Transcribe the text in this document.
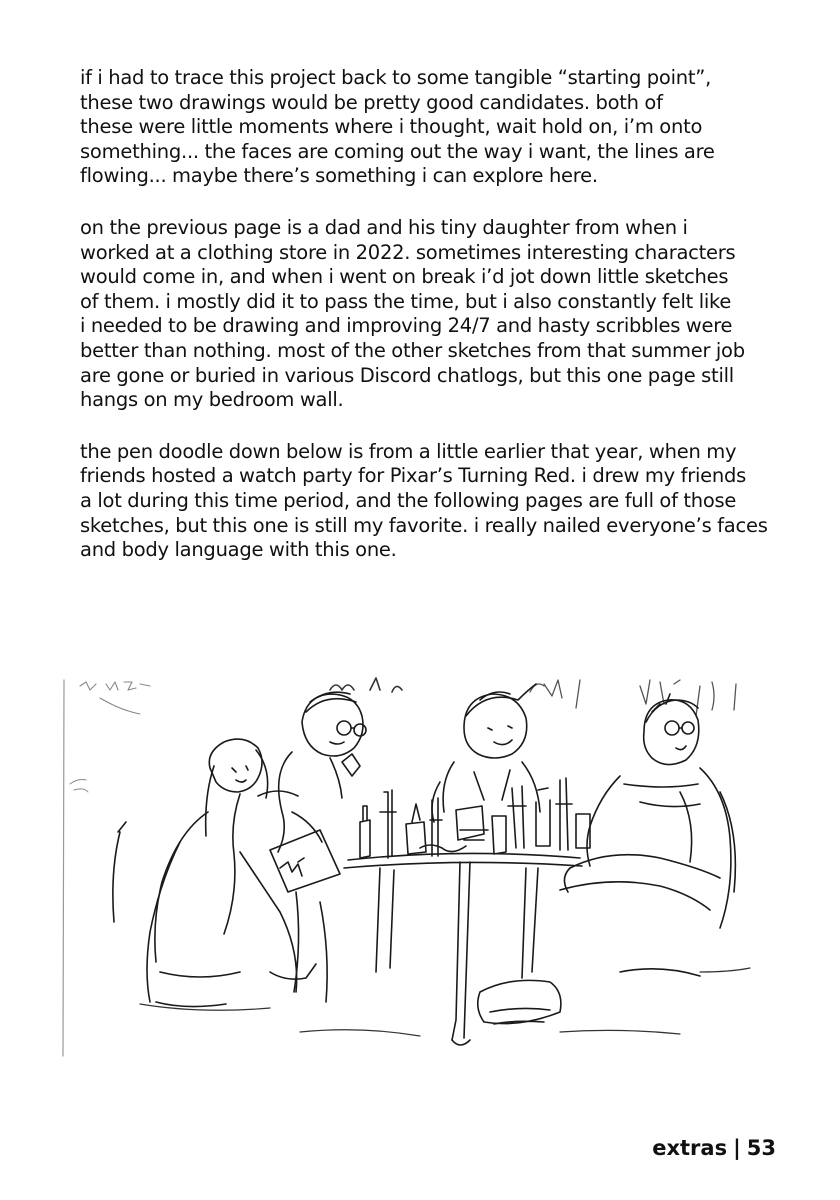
if i had to trace this project back to some tangible “starting point”,
these two drawings would be pretty good candidates. both of
these were little moments where i thought, wait hold on, i’m onto
something... the faces are coming out the way i want, the lines are
flowing... maybe there’s something i can explore here.

on the previous page is a dad and his tiny daughter from when i
worked at a clothing store in 2022. sometimes interesting characters
would come in, and when i went on break i’d jot down little sketches
of them. i mostly did it to pass the time, but i also constantly felt like
i needed to be drawing and improving 24/7 and hasty scribbles were
better than nothing. most of the other sketches from that summer job
are gone or buried in various Discord chatlogs, but this one page still
hangs on my bedroom wall.

the pen doodle down below is from a little earlier that year, when my
friends hosted a watch party for Pixar’s Turning Red. i drew my friends
a lot during this time period, and the following pages are full of those
sketches, but this one is still my favorite. i really nailed everyone’s faces
and body language with this one.

extras | 53
